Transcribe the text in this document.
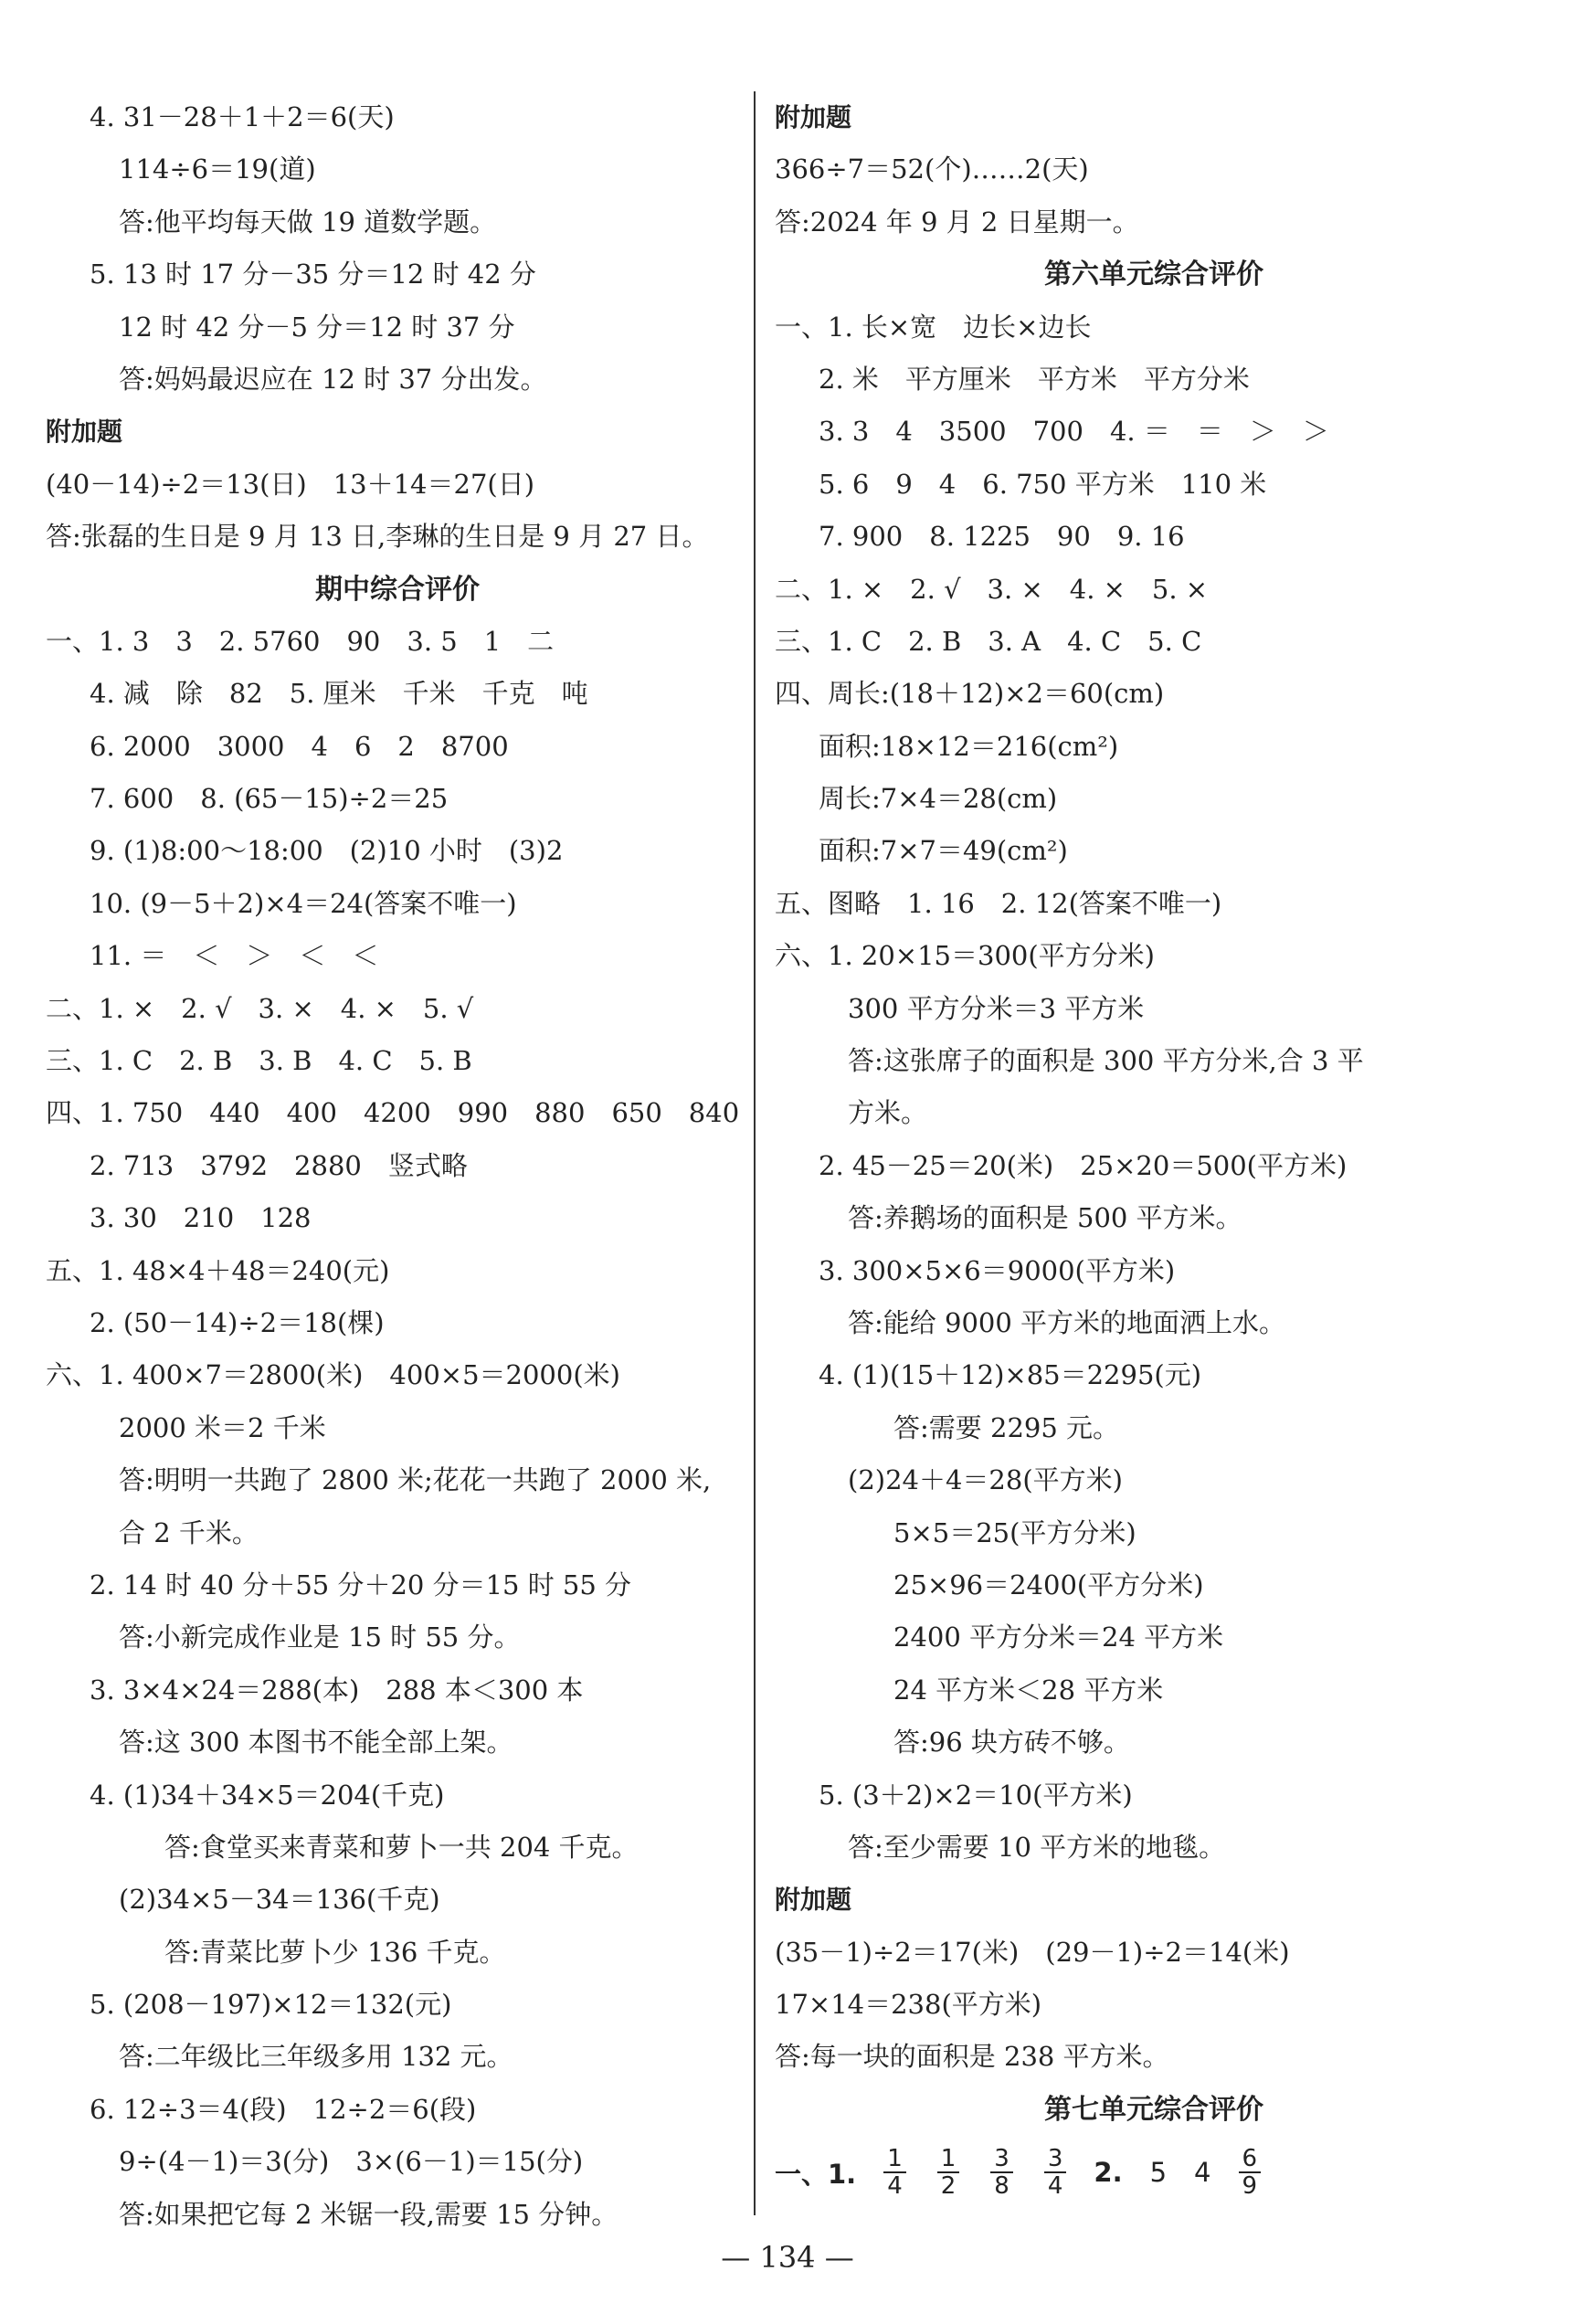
4. 31－28＋1＋2＝6(天)
114÷6＝19(道)
答:他平均每天做 19 道数学题。
5. 13 时 17 分－35 分＝12 时 42 分
12 时 42 分－5 分＝12 时 37 分
答:妈妈最迟应在 12 时 37 分出发。
附加题
(40－14)÷2＝13(日)　13＋14＝27(日)
答:张磊的生日是 9 月 13 日,李琳的生日是 9 月 27 日。
期中综合评价
一、1. 3　3　2. 5760　90　3. 5　1　二
4. 减　除　82　5. 厘米　千米　千克　吨
6. 2000　3000　4　6　2　8700
7. 600　8. (65－15)÷2＝25
9. (1)8:00～18:00　(2)10 小时　(3)2
10. (9－5＋2)×4＝24(答案不唯一)
11. ＝　＜　＞　＜　＜
二、1. ×　2. √　3. ×　4. ×　5. √
三、1. C　2. B　3. B　4. C　5. B
四、1. 750　440　400　4200　990　880　650　840
2. 713　3792　2880　竖式略
3. 30　210　128
五、1. 48×4＋48＝240(元)
2. (50－14)÷2＝18(棵)
六、1. 400×7＝2800(米)　400×5＝2000(米)
2000 米＝2 千米
答:明明一共跑了 2800 米;花花一共跑了 2000 米,
合 2 千米。
2. 14 时 40 分＋55 分＋20 分＝15 时 55 分
答:小新完成作业是 15 时 55 分。
3. 3×4×24＝288(本)　288 本＜300 本
答:这 300 本图书不能全部上架。
4. (1)34＋34×5＝204(千克)
答:食堂买来青菜和萝卜一共 204 千克。
(2)34×5－34＝136(千克)
答:青菜比萝卜少 136 千克。
5. (208－197)×12＝132(元)
答:二年级比三年级多用 132 元。
6. 12÷3＝4(段)　12÷2＝6(段)
9÷(4－1)＝3(分)　3×(6－1)＝15(分)
答:如果把它每 2 米锯一段,需要 15 分钟。
附加题
366÷7＝52(个)……2(天)
答:2024 年 9 月 2 日星期一。
第六单元综合评价
一、1. 长×宽　边长×边长
2. 米　平方厘米　平方米　平方分米
3. 3　4　3500　700　4. ＝　＝　＞　＞
5. 6　9　4　6. 750 平方米　110 米
7. 900　8. 1225　90　9. 16
二、1. ×　2. √　3. ×　4. ×　5. ×
三、1. C　2. B　3. A　4. C　5. C
四、周长:(18＋12)×2＝60(cm)
面积:18×12＝216(cm²)
周长:7×4＝28(cm)
面积:7×7＝49(cm²)
五、图略　1. 16　2. 12(答案不唯一)
六、1. 20×15＝300(平方分米)
300 平方分米＝3 平方米
答:这张席子的面积是 300 平方分米,合 3 平
方米。
2. 45－25＝20(米)　25×20＝500(平方米)
答:养鹅场的面积是 500 平方米。
3. 300×5×6＝9000(平方米)
答:能给 9000 平方米的地面洒上水。
4. (1)(15＋12)×85＝2295(元)
答:需要 2295 元。
(2)24＋4＝28(平方米)
5×5＝25(平方分米)
25×96＝2400(平方分米)
2400 平方分米＝24 平方米
24 平方米＜28 平方米
答:96 块方砖不够。
5. (3＋2)×2＝10(平方米)
答:至少需要 10 平方米的地毯。
附加题
(35－1)÷2＝17(米)　(29－1)÷2＝14(米)
17×14＝238(平方米)
答:每一块的面积是 238 平方米。
第七单元综合评价
一、1. $\frac{1}{4} \frac{1}{2} \frac{3}{8} \frac{3}{4} 2$. 5 $4 \frac{6}{9}$
— 134 —
